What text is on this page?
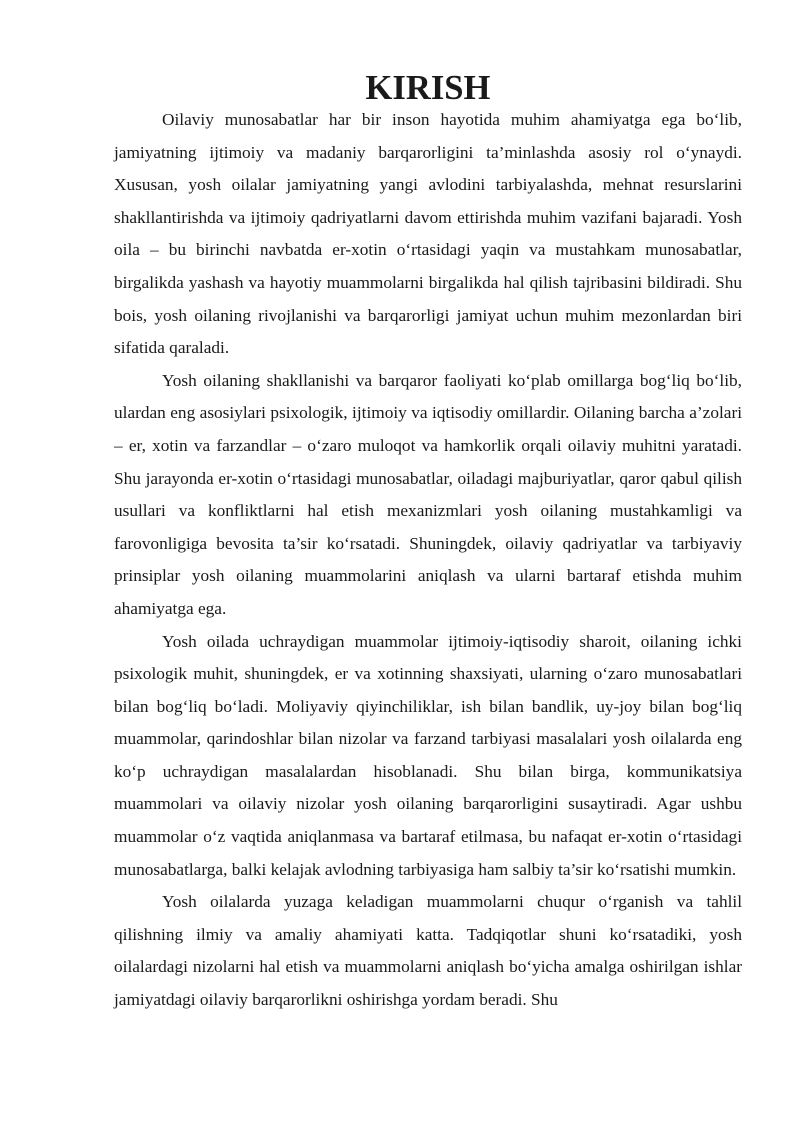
KIRISH

Oilaviy munosabatlar har bir inson hayotida muhim ahamiyatga ega bo‘lib, jamiyatning ijtimoiy va madaniy barqarorligini ta’minlashda asosiy rol o‘ynaydi. Xususan, yosh oilalar jamiyatning yangi avlodini tarbiyalashda, mehnat resurslarini shakllantirishda va ijtimoiy qadriyatlarni davom ettirishda muhim vazifani bajaradi. Yosh oila – bu birinchi navbatda er-xotin o‘rtasidagi yaqin va mustahkam munosabatlar, birgalikda yashash va hayotiy muammolarni birgalikda hal qilish tajribasini bildiradi. Shu bois, yosh oilaning rivojlanishi va barqarorligi jamiyat uchun muhim mezonlardan biri sifatida qaraladi.

Yosh oilaning shakllanishi va barqaror faoliyati ko‘plab omillarga bog‘liq bo‘lib, ulardan eng asosiylari psixologik, ijtimoiy va iqtisodiy omillardir. Oilaning barcha a’zolari – er, xotin va farzandlar – o‘zaro muloqot va hamkorlik orqali oilaviy muhitni yaratadi. Shu jarayonda er-xotin o‘rtasidagi munosabatlar, oiladagi majburiyatlar, qaror qabul qilish usullari va konfliktlarni hal etish mexanizmlari yosh oilaning mustahkamligi va farovonligiga bevosita ta’sir ko‘rsatadi. Shuningdek, oilaviy qadriyatlar va tarbiyaviy prinsiplar yosh oilaning muammolarini aniqlash va ularni bartaraf etishda muhim ahamiyatga ega.

Yosh oilada uchraydigan muammolar ijtimoiy-iqtisodiy sharoit, oilaning ichki psixologik muhit, shuningdek, er va xotinning shaxsiyati, ularning o‘zaro munosabatlari bilan bog‘liq bo‘ladi. Moliyaviy qiyinchiliklar, ish bilan bandlik, uy-joy bilan bog‘liq muammolar, qarindoshlar bilan nizolar va farzand tarbiyasi masalalari yosh oilalarda eng ko‘p uchraydigan masalalardan hisoblanadi. Shu bilan birga, kommunikatsiya muammolari va oilaviy nizolar yosh oilaning barqarorligini susaytiradi. Agar ushbu muammolar o‘z vaqtida aniqlanmasa va bartaraf etilmasa, bu nafaqat er-xotin o‘rtasidagi munosabatlarga, balki kelajak avlodning tarbiyasiga ham salbiy ta’sir ko‘rsatishi mumkin.

Yosh oilalarda yuzaga keladigan muammolarni chuqur o‘rganish va tahlil qilishning ilmiy va amaliy ahamiyati katta. Tadqiqotlar shuni ko‘rsatadiki, yosh oilalardagi nizolarni hal etish va muammolarni aniqlash bo‘yicha amalga oshirilgan ishlar jamiyatdagi oilaviy barqarorlikni oshirishga yordam beradi. Shu
